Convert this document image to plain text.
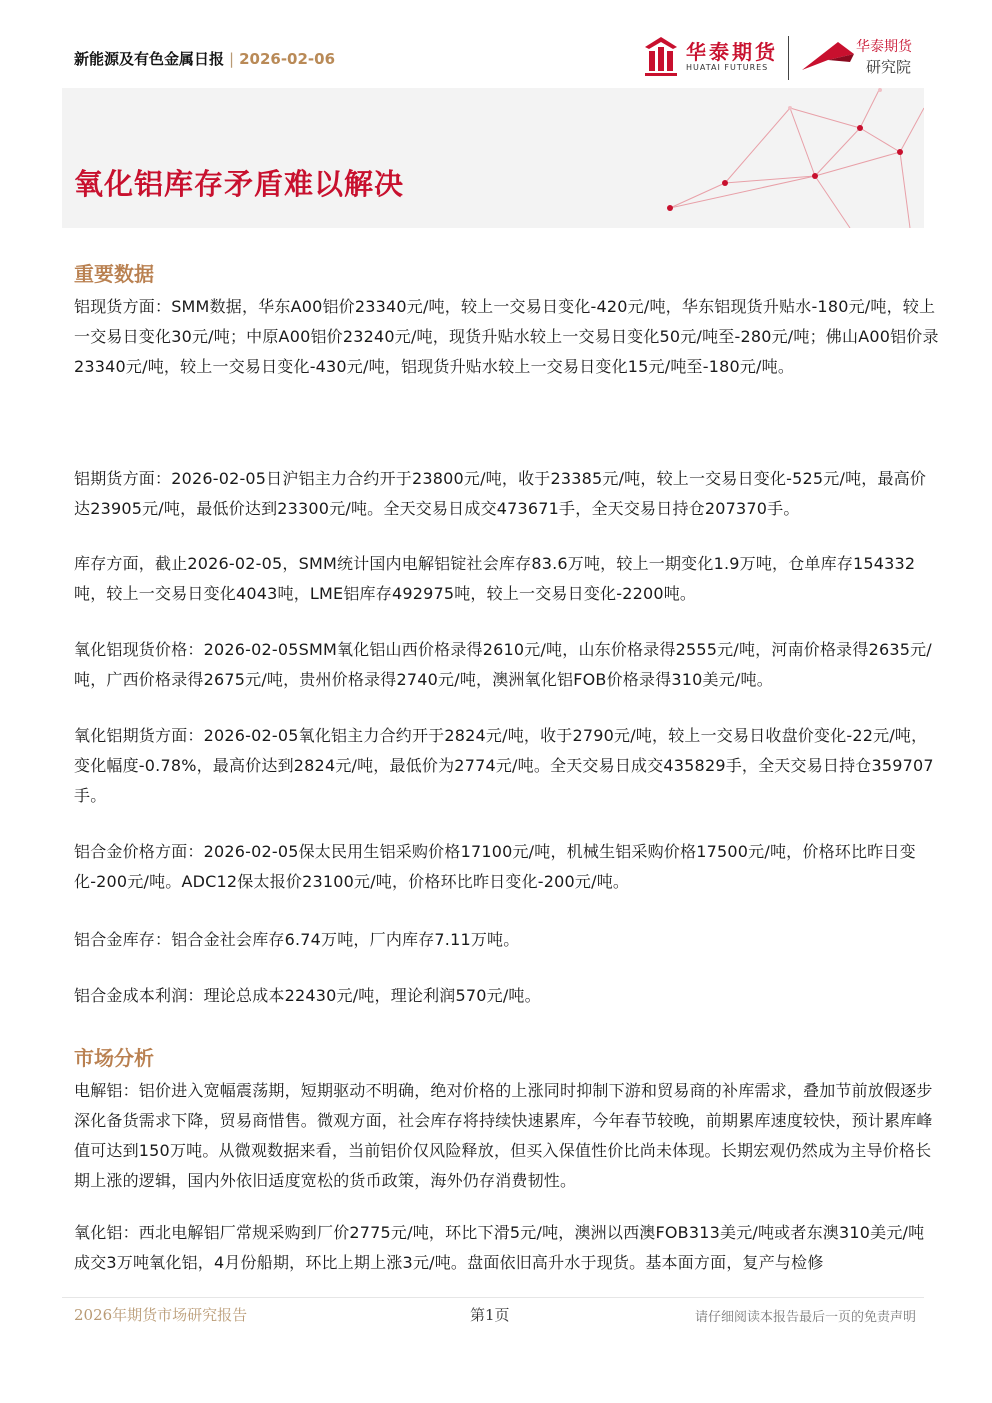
新能源及有色金属日报 | 2026-02-06	华泰期货
HUATAI FUTURES
华泰期货
研究院
氧化铝库存矛盾难以解决
重要数据
铝现货方面：SMM数据，华东A00铝价23340元/吨，较上一交易日变化-420元/吨，华东铝现货升贴水-180元/吨，较上一交易日变化30元/吨；中原A00铝价23240元/吨，现货升贴水较上一交易日变化50元/吨至-280元/吨；佛山A00铝价录23340元/吨，较上一交易日变化-430元/吨，铝现货升贴水较上一交易日变化15元/吨至-180元/吨。
铝期货方面：2026-02-05日沪铝主力合约开于23800元/吨，收于23385元/吨，较上一交易日变化-525元/吨，最高价达23905元/吨，最低价达到23300元/吨。全天交易日成交473671手，全天交易日持仓207370手。
库存方面，截止2026-02-05，SMM统计国内电解铝锭社会库存83.6万吨，较上一期变化1.9万吨，仓单库存154332吨，较上一交易日变化4043吨，LME铝库存492975吨，较上一交易日变化-2200吨。
氧化铝现货价格：2026-02-05SMM氧化铝山西价格录得2610元/吨，山东价格录得2555元/吨，河南价格录得2635元/吨，广西价格录得2675元/吨，贵州价格录得2740元/吨，澳洲氧化铝FOB价格录得310美元/吨。
氧化铝期货方面：2026-02-05氧化铝主力合约开于2824元/吨，收于2790元/吨，较上一交易日收盘价变化-22元/吨，变化幅度-0.78%，最高价达到2824元/吨，最低价为2774元/吨。全天交易日成交435829手，全天交易日持仓359707手。
铝合金价格方面：2026-02-05保太民用生铝采购价格17100元/吨，机械生铝采购价格17500元/吨，价格环比昨日变化-200元/吨。ADC12保太报价23100元/吨，价格环比昨日变化-200元/吨。
铝合金库存：铝合金社会库存6.74万吨，厂内库存7.11万吨。
铝合金成本利润：理论总成本22430元/吨，理论利润570元/吨。
市场分析
电解铝：铝价进入宽幅震荡期，短期驱动不明确，绝对价格的上涨同时抑制下游和贸易商的补库需求，叠加节前放假逐步深化备货需求下降，贸易商惜售。微观方面，社会库存将持续快速累库，今年春节较晚，前期累库速度较快，预计累库峰值可达到150万吨。从微观数据来看，当前铝价仅风险释放，但买入保值性价比尚未体现。长期宏观仍然成为主导价格长期上涨的逻辑，国内外依旧适度宽松的货币政策，海外仍存消费韧性。
氧化铝：西北电解铝厂常规采购到厂价2775元/吨，环比下滑5元/吨，澳洲以西澳FOB313美元/吨或者东澳310美元/吨成交3万吨氧化铝，4月份船期，环比上期上涨3元/吨。盘面依旧高升水于现货。基本面方面，复产与检修
2026年期货市场研究报告	第1页	请仔细阅读本报告最后一页的免责声明
